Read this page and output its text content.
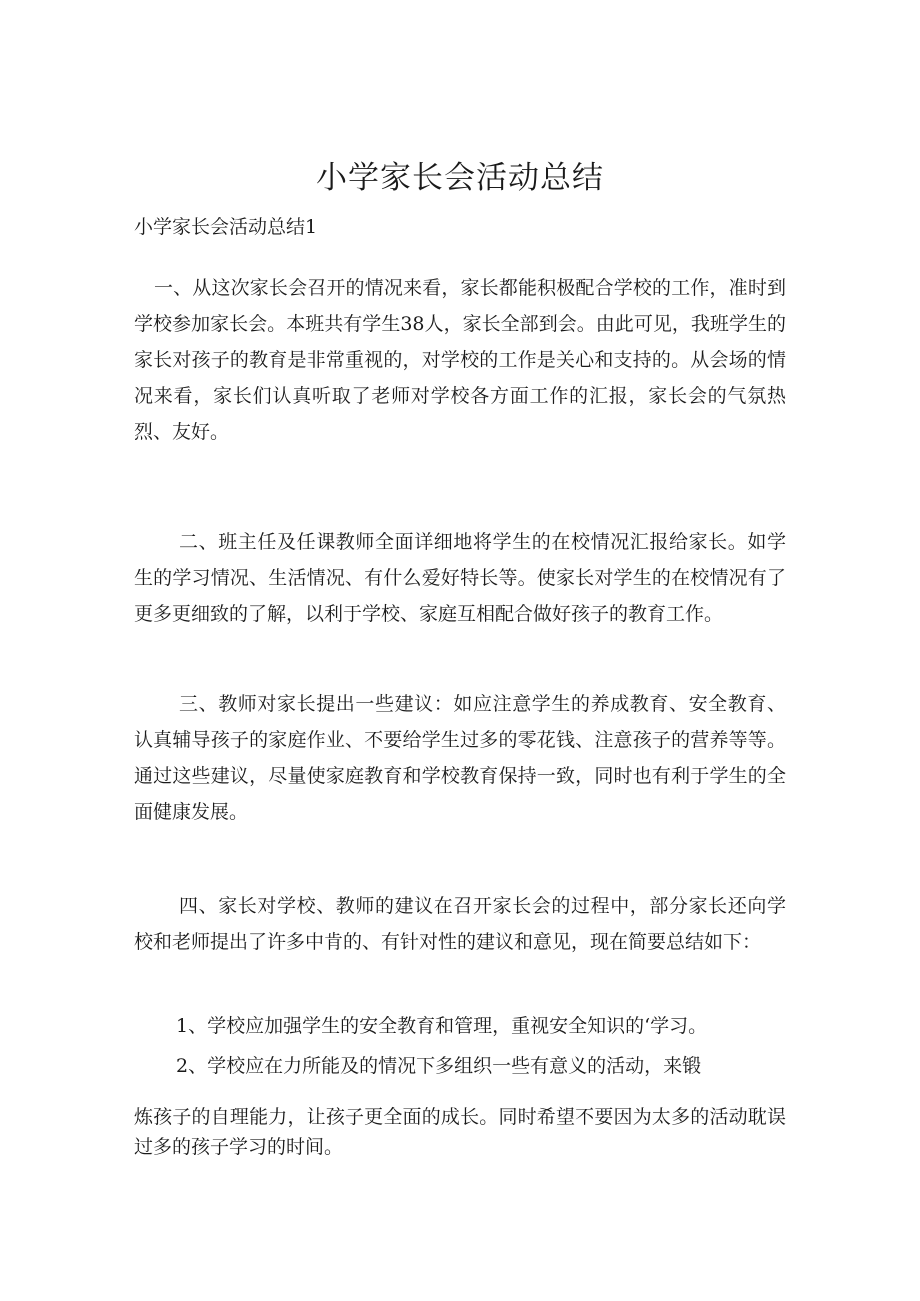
小学家长会活动总结
小学家长会活动总结1

一、从这次家长会召开的情况来看，家长都能积极配合学校的工作，准时到学校参加家长会。本班共有学生38人，家长全部到会。由此可见，我班学生的家长对孩子的教育是非常重视的，对学校的工作是关心和支持的。从会场的情况来看，家长们认真听取了老师对学校各方面工作的汇报，家长会的气氛热烈、友好。

二、班主任及任课教师全面详细地将学生的在校情况汇报给家长。如学生的学习情况、生活情况、有什么爱好特长等。使家长对学生的在校情况有了更多更细致的了解，以利于学校、家庭互相配合做好孩子的教育工作。

三、教师对家长提出一些建议：如应注意学生的养成教育、安全教育、认真辅导孩子的家庭作业、不要给学生过多的零花钱、注意孩子的营养等等。通过这些建议，尽量使家庭教育和学校教育保持一致，同时也有利于学生的全面健康发展。

四、家长对学校、教师的建议在召开家长会的过程中，部分家长还向学校和老师提出了许多中肯的、有针对性的建议和意见，现在简要总结如下：

1、学校应加强学生的安全教育和管理，重视安全知识的‘学习。
2、学校应在力所能及的情况下多组织一些有意义的活动，来锻

炼孩子的自理能力，让孩子更全面的成长。同时希望不要因为太多的活动耽误过多的孩子学习的时间。
